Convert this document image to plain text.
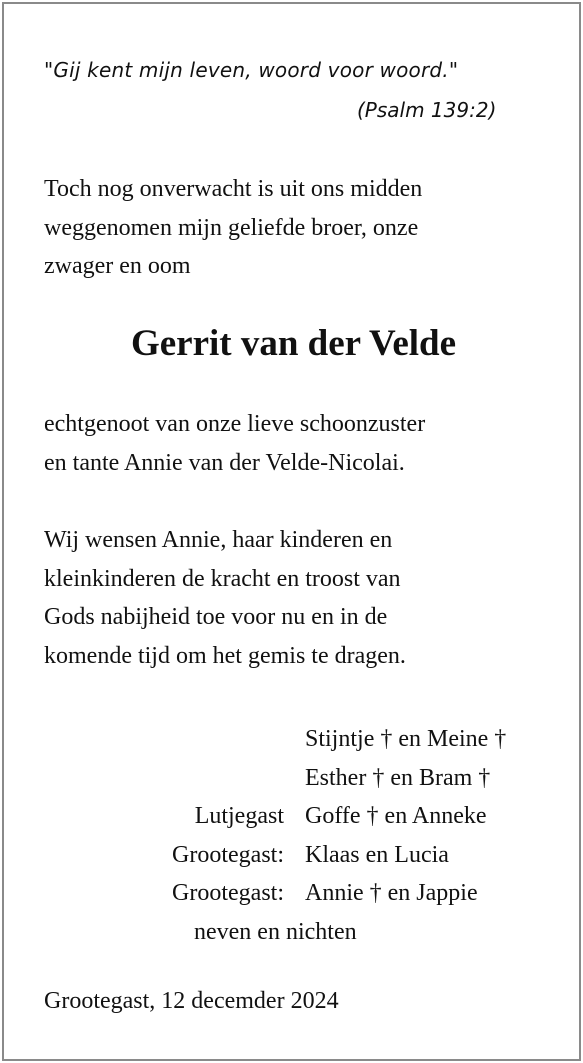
"Gij kent mijn leven, woord voor woord."
(Psalm 139:2)
Toch nog onverwacht is uit ons midden
weggenomen mijn geliefde broer, onze
zwager en oom
Gerrit van der Velde
echtgenoot van onze lieve schoonzuster
en tante Annie van der Velde-Nicolai.
Wij wensen Annie, haar kinderen en
kleinkinderen de kracht en troost van
Gods nabijheid toe voor nu en in de
komende tijd om het gemis te dragen.
Stijntje † en Meine †
Esther † en Bram †
Lutjegast Goffe † en Anneke
Grootegast: Klaas en Lucia
Grootegast: Annie † en Jappie
neven en nichten
Grootegast, 12 decemder 2024
